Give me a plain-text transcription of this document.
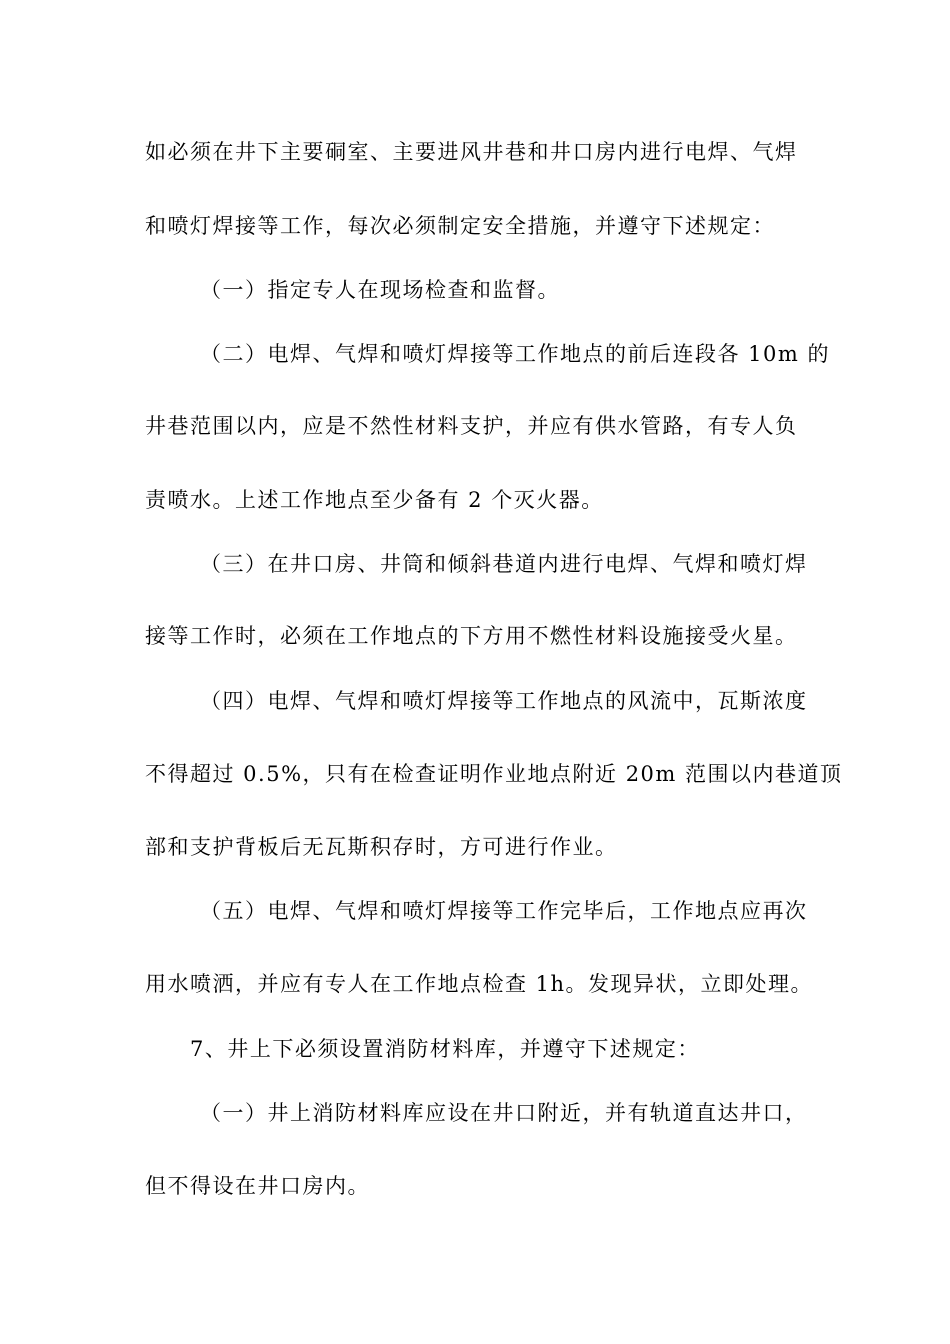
如必须在井下主要硐室、主要进风井巷和井口房内进行电焊、气焊
和喷灯焊接等工作，每次必须制定安全措施，并遵守下述规定：
（一）指定专人在现场检查和监督。
（二）电焊、气焊和喷灯焊接等工作地点的前后连段各 10m 的
井巷范围以内，应是不然性材料支护，并应有供水管路，有专人负
责喷水。上述工作地点至少备有 2 个灭火器。
（三）在井口房、井筒和倾斜巷道内进行电焊、气焊和喷灯焊
接等工作时，必须在工作地点的下方用不燃性材料设施接受火星。
（四）电焊、气焊和喷灯焊接等工作地点的风流中，瓦斯浓度
不得超过 0.5%，只有在检查证明作业地点附近 20m 范围以内巷道顶
部和支护背板后无瓦斯积存时，方可进行作业。
（五）电焊、气焊和喷灯焊接等工作完毕后，工作地点应再次
用水喷洒，并应有专人在工作地点检查 1h。发现异状，立即处理。
7、井上下必须设置消防材料库，并遵守下述规定：
（一）井上消防材料库应设在井口附近，并有轨道直达井口，
但不得设在井口房内。
